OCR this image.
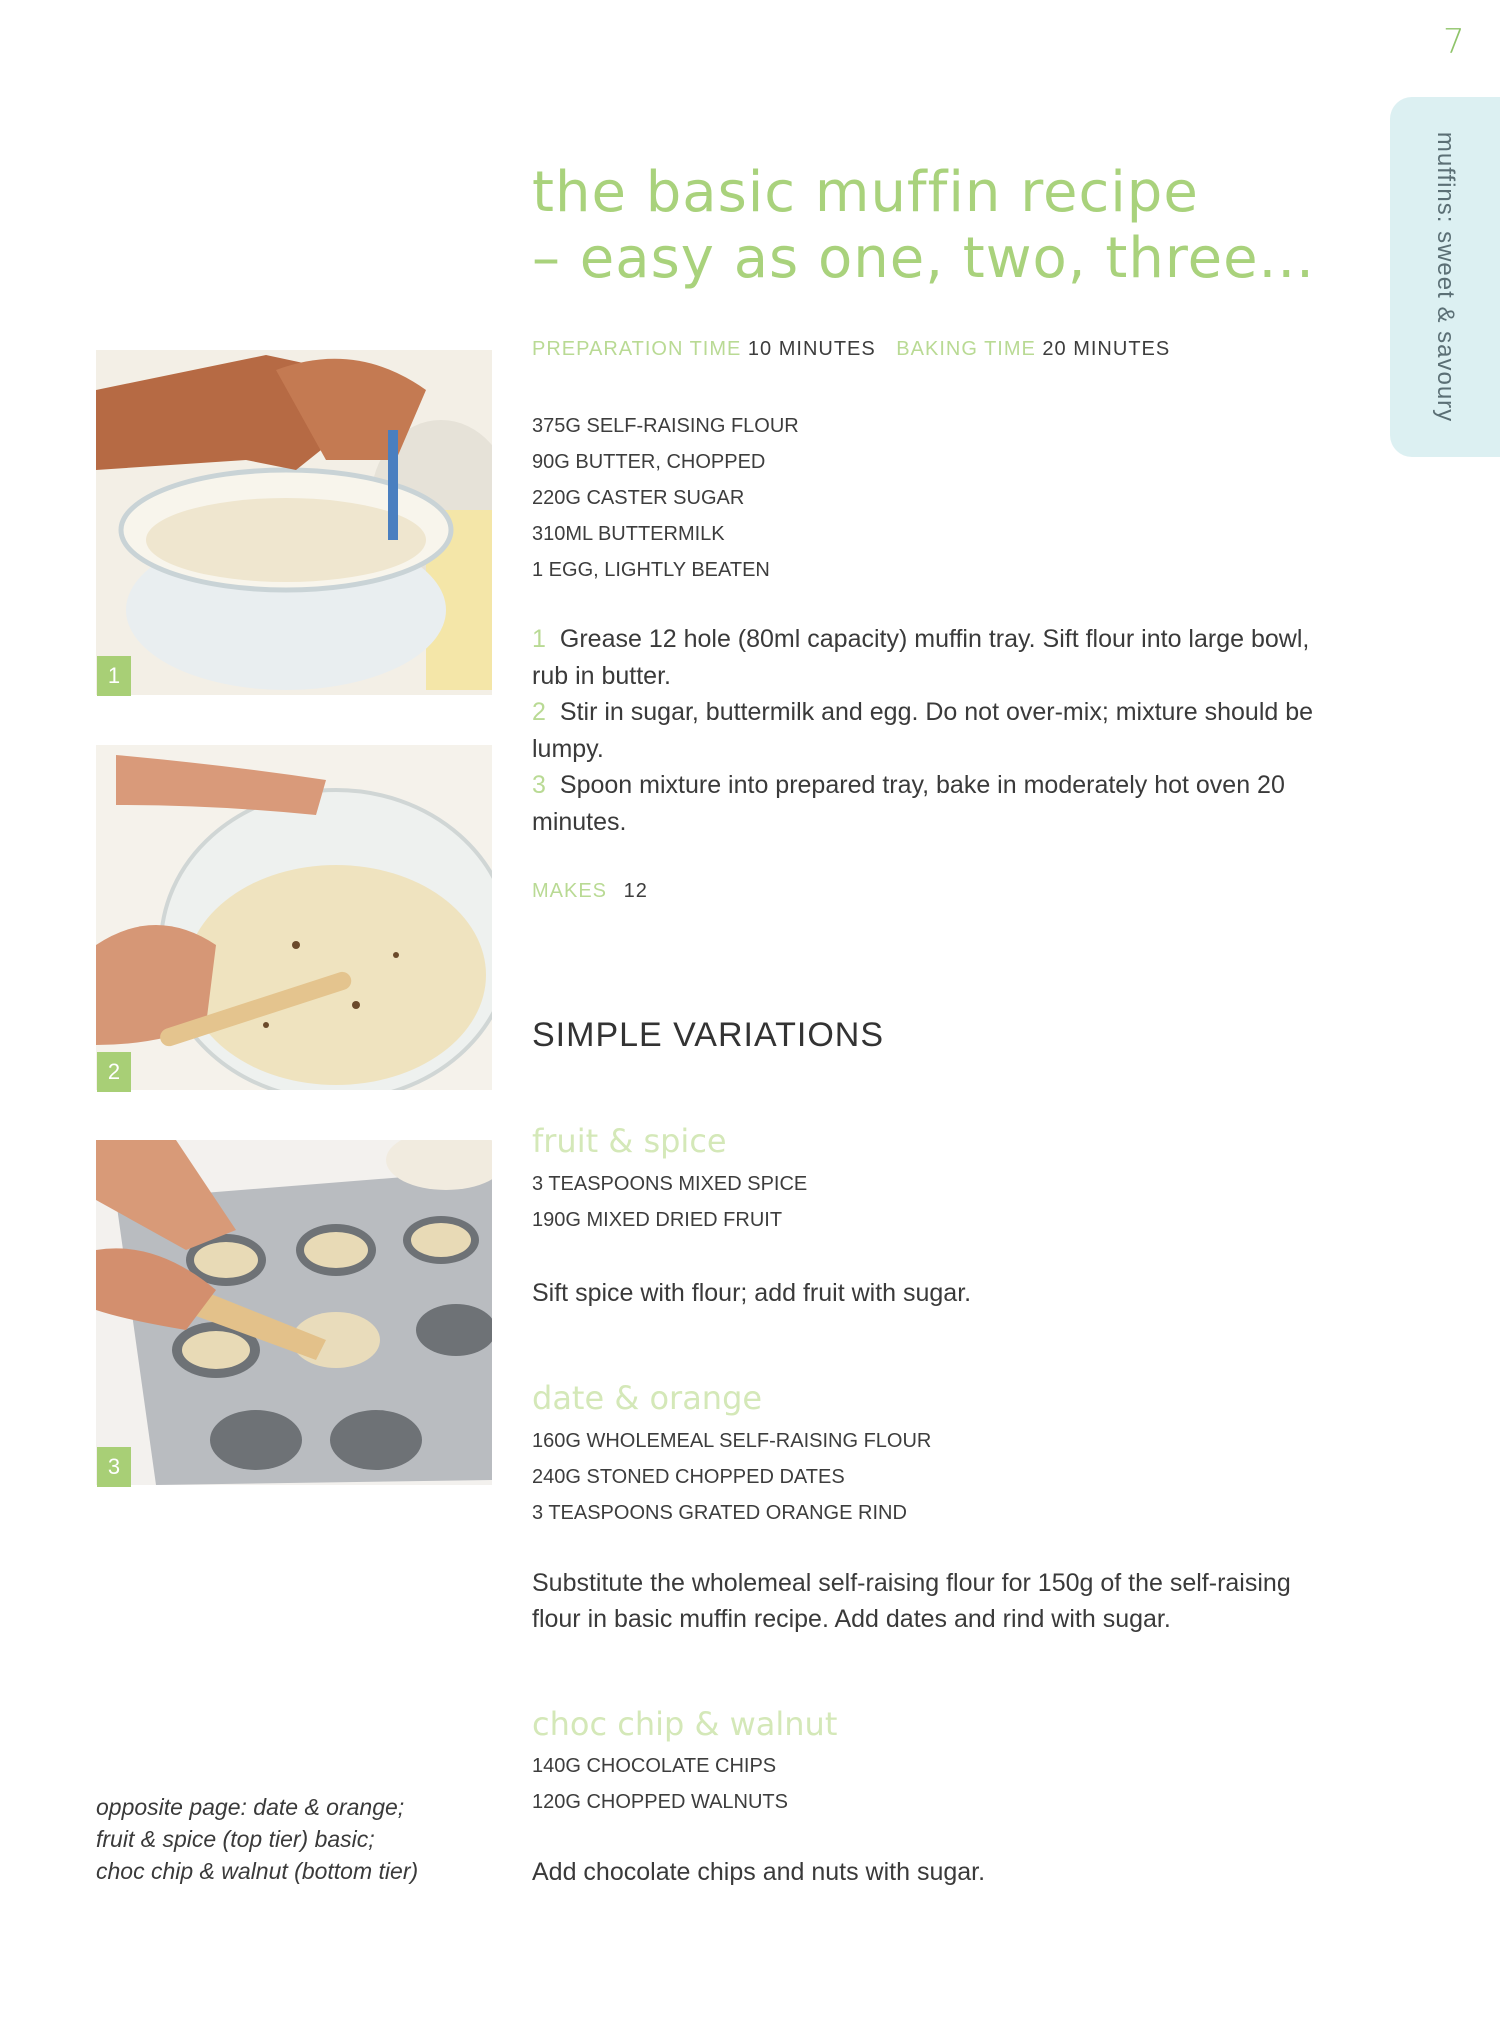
7
muffins: sweet & savoury
the basic muffin recipe
– easy as one, two, three...
PREPARATION TIME 10 MINUTES BAKING TIME 20 MINUTES
375G SELF-RAISING FLOUR
90G BUTTER, CHOPPED
220G CASTER SUGAR
310ML BUTTERMILK
1 EGG, LIGHTLY BEATEN
1 Grease 12 hole (80ml capacity) muffin tray. Sift flour into large bowl, rub in butter.
2 Stir in sugar, buttermilk and egg. Do not over-mix; mixture should be lumpy.
3 Spoon mixture into prepared tray, bake in moderately hot oven 20 minutes.
MAKES 12
SIMPLE VARIATIONS
fruit & spice
3 TEASPOONS MIXED SPICE
190G MIXED DRIED FRUIT

Sift spice with flour; add fruit with sugar.

date & orange
160G WHOLEMEAL SELF-RAISING FLOUR
240G STONED CHOPPED DATES
3 TEASPOONS GRATED ORANGE RIND

Substitute the wholemeal self-raising flour for 150g of the self-raising flour in basic muffin recipe. Add dates and rind with sugar.

choc chip & walnut
140G CHOCOLATE CHIPS
120G CHOPPED WALNUTS

Add chocolate chips and nuts with sugar.

1
2
3

opposite page: date & orange;
fruit & spice (top tier) basic;
choc chip & walnut (bottom tier)
